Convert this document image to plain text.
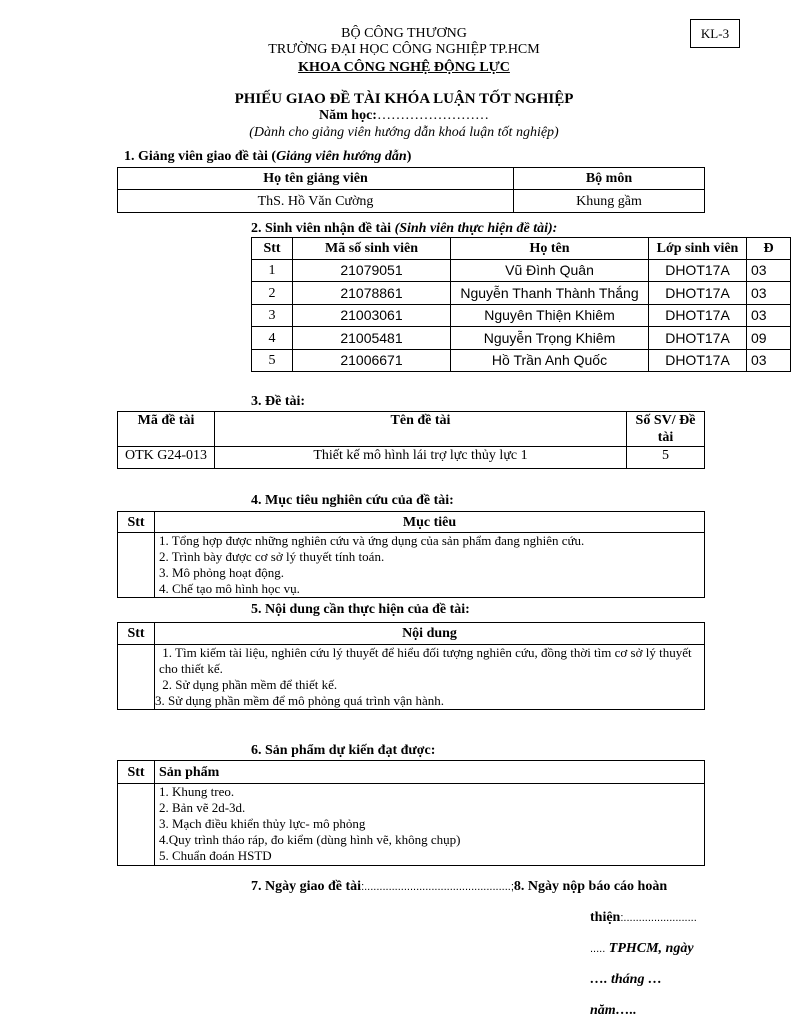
BỘ CÔNG THƯƠNG
TRƯỜNG ĐẠI HỌC CÔNG NGHIỆP TP.HCM
KHOA CÔNG NGHỆ ĐỘNG LỰC
KL-3
PHIẾU GIAO ĐỀ TÀI KHÓA LUẬN TỐT NGHIỆP
Năm học:……………………
(Dành cho giảng viên hướng dẫn khoá luận tốt nghiệp)
1. Giảng viên giao đề tài (Giảng viên hướng dẫn)
Họ tên giảng viên	Bộ môn
ThS. Hồ Văn Cường	Khung gầm
2. Sinh viên nhận đề tài (Sinh viên thực hiện đề tài):
Stt	Mã số sinh viên	Họ tên	Lớp sinh viên	Đ
1	21079051	Vũ Đình Quân	DHOT17A	03
2	21078861	Nguyễn Thanh Thành Thắng	DHOT17A	03
3	21003061	Nguyên Thiện Khiêm	DHOT17A	03
4	21005481	Nguyễn Trọng Khiêm	DHOT17A	09
5	21006671	Hồ Trần Anh Quốc	DHOT17A	03
3. Đề tài:
Mã đề tài	Tên đề tài	Số SV/ Đề tài
OTK G24-013	Thiết kế mô hình lái trợ lực thủy lực 1	5
4. Mục tiêu nghiên cứu của đề tài:
Stt	Mục tiêu

	1. Tổng hợp được những nghiên cứu và ứng dụng của sản phẩm đang nghiên cứu.
2. Trình bày được cơ sở lý thuyết tính toán.
3. Mô phỏng hoạt động.
4. Chế tạo mô hình học vụ.
5. Nội dung cần thực hiện của đề tài:
Stt	Nội dung

	1. Tìm kiếm tài liệu, nghiên cứu lý thuyết để hiểu đối tượng nghiên cứu, đồng thời tìm cơ sở lý thuyết cho thiết kế.
2. Sử dụng phần mềm để thiết kế.
3. Sử dụng phần mềm để mô phỏng quá trình vận hành.
6. Sản phẩm dự kiến đạt được:
Stt	Sản phẩm

	1. Khung treo.
2. Bản vẽ 2d-3d.
3. Mạch điều khiển thủy lực- mô phỏng
4.Quy trình tháo ráp, đo kiểm (dùng hình vẽ, không chụp)
5. Chuẩn đoán HSTD
7. Ngày giao đề tài:................................................;8. Ngày nộp báo cáo hoàn
thiện:........................
..... TPHCM, ngày
…. tháng …
năm…..
